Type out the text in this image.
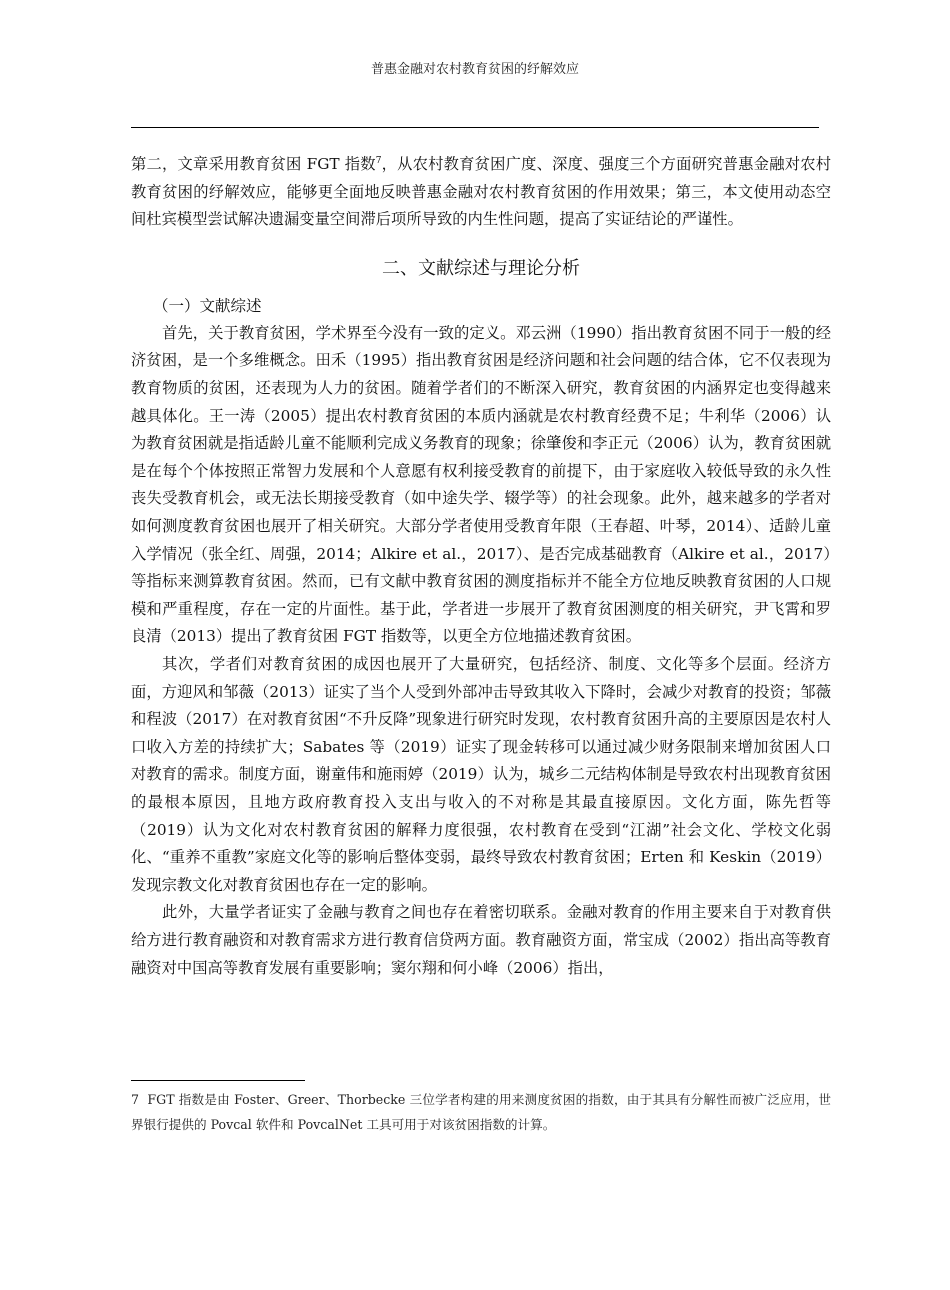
普惠金融对农村教育贫困的纾解效应

第二，文章采用教育贫困 FGT 指数$^7$，从农村教育贫困广度、深度、强度三个方面研究普惠金融对农村教育贫困的纾解效应，能够更全面地反映普惠金融对农村教育贫困的作用效果；第三，本文使用动态空间杜宾模型尝试解决遗漏变量空间滞后项所导致的内生性问题，提高了实证结论的严谨性。

二、文献综述与理论分析
（一）文献综述

首先，关于教育贫困，学术界至今没有一致的定义。邓云洲（1990）指出教育贫困不同于一般的经济贫困，是一个多维概念。田禾（1995）指出教育贫困是经济问题和社会问题的结合体，它不仅表现为教育物质的贫困，还表现为人力的贫困。随着学者们的不断深入研究，教育贫困的内涵界定也变得越来越具体化。王一涛（2005）提出农村教育贫困的本质内涵就是农村教育经费不足；牛利华（2006）认为教育贫困就是指适龄儿童不能顺利完成义务教育的现象；徐肇俊和李正元（2006）认为，教育贫困就是在每个个体按照正常智力发展和个人意愿有权利接受教育的前提下，由于家庭收入较低导致的永久性丧失受教育机会，或无法长期接受教育（如中途失学、辍学等）的社会现象。此外，越来越多的学者对如何测度教育贫困也展开了相关研究。大部分学者使用受教育年限（王春超、叶琴，2014）、适龄儿童入学情况（张全红、周强，2014；Alkire et al.，2017）、是否完成基础教育（Alkire et al.，2017）等指标来测算教育贫困。然而，已有文献中教育贫困的测度指标并不能全方位地反映教育贫困的人口规模和严重程度，存在一定的片面性。基于此，学者进一步展开了教育贫困测度的相关研究，尹飞霄和罗良清（2013）提出了教育贫困 FGT 指数等，以更全方位地描述教育贫困。

其次，学者们对教育贫困的成因也展开了大量研究，包括经济、制度、文化等多个层面。经济方面，方迎风和邹薇（2013）证实了当个人受到外部冲击导致其收入下降时，会减少对教育的投资；邹薇和程波（2017）在对教育贫困“不升反降”现象进行研究时发现，农村教育贫困升高的主要原因是农村人口收入方差的持续扩大；Sabates 等（2019）证实了现金转移可以通过减少财务限制来增加贫困人口对教育的需求。制度方面，谢童伟和施雨婷（2019）认为，城乡二元结构体制是导致农村出现教育贫困的最根本原因，且地方政府教育投入支出与收入的不对称是其最直接原因。文化方面，陈先哲等（2019）认为文化对农村教育贫困的解释力度很强，农村教育在受到“江湖”社会文化、学校文化弱化、“重养不重教”家庭文化等的影响后整体变弱，最终导致农村教育贫困；Erten 和 Keskin（2019）发现宗教文化对教育贫困也存在一定的影响。

此外，大量学者证实了金融与教育之间也存在着密切联系。金融对教育的作用主要来自于对教育供给方进行教育融资和对教育需求方进行教育信贷两方面。教育融资方面，常宝成（2002）指出高等教育融资对中国高等教育发展有重要影响；窦尔翔和何小峰（2006）指出，

7 FGT 指数是由 Foster、Greer、Thorbecke 三位学者构建的用来测度贫困的指数，由于其具有分解性而被广泛应用，世界银行提供的 Povcal 软件和 PovcalNet 工具可用于对该贫困指数的计算。
